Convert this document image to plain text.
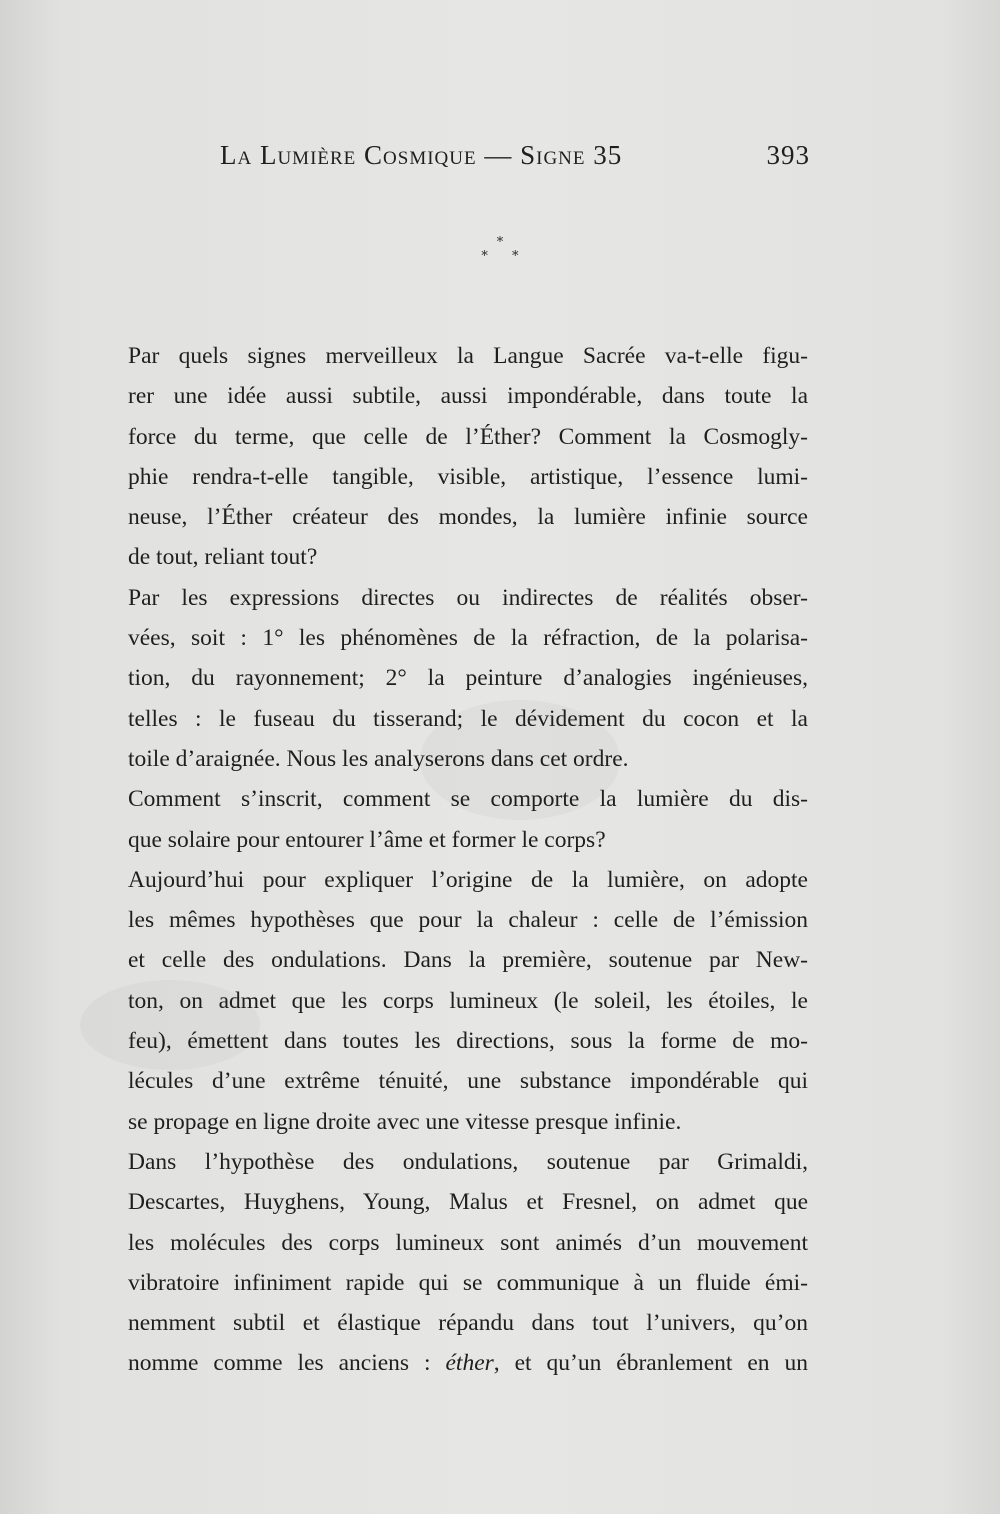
La Lumière Cosmique — Signe 35	393
*
* *

Par quels signes merveilleux la Langue Sacrée va-t-elle figu-
rer une idée aussi subtile, aussi impondérable, dans toute la
force du terme, que celle de l’Éther? Comment la Cosmogly-
phie rendra-t-elle tangible, visible, artistique, l’essence lumi-
neuse, l’Éther créateur des mondes, la lumière infinie source
de tout, reliant tout?

Par les expressions directes ou indirectes de réalités obser-
vées, soit : 1° les phénomènes de la réfraction, de la polarisa-
tion, du rayonnement; 2° la peinture d’analogies ingénieuses,
telles : le fuseau du tisserand; le dévidement du cocon et la
toile d’araignée. Nous les analyserons dans cet ordre.

Comment s’inscrit, comment se comporte la lumière du dis-
que solaire pour entourer l’âme et former le corps?

Aujourd’hui pour expliquer l’origine de la lumière, on adopte
les mêmes hypothèses que pour la chaleur : celle de l’émission
et celle des ondulations. Dans la première, soutenue par New-
ton, on admet que les corps lumineux (le soleil, les étoiles, le
feu), émettent dans toutes les directions, sous la forme de mo-
lécules d’une extrême ténuité, une substance impondérable qui
se propage en ligne droite avec une vitesse presque infinie.

Dans l’hypothèse des ondulations, soutenue par Grimaldi,
Descartes, Huyghens, Young, Malus et Fresnel, on admet que
les molécules des corps lumineux sont animés d’un mouvement
vibratoire infiniment rapide qui se communique à un fluide émi-
nemment subtil et élastique répandu dans tout l’univers, qu’on
nomme comme les anciens : éther, et qu’un ébranlement en un
